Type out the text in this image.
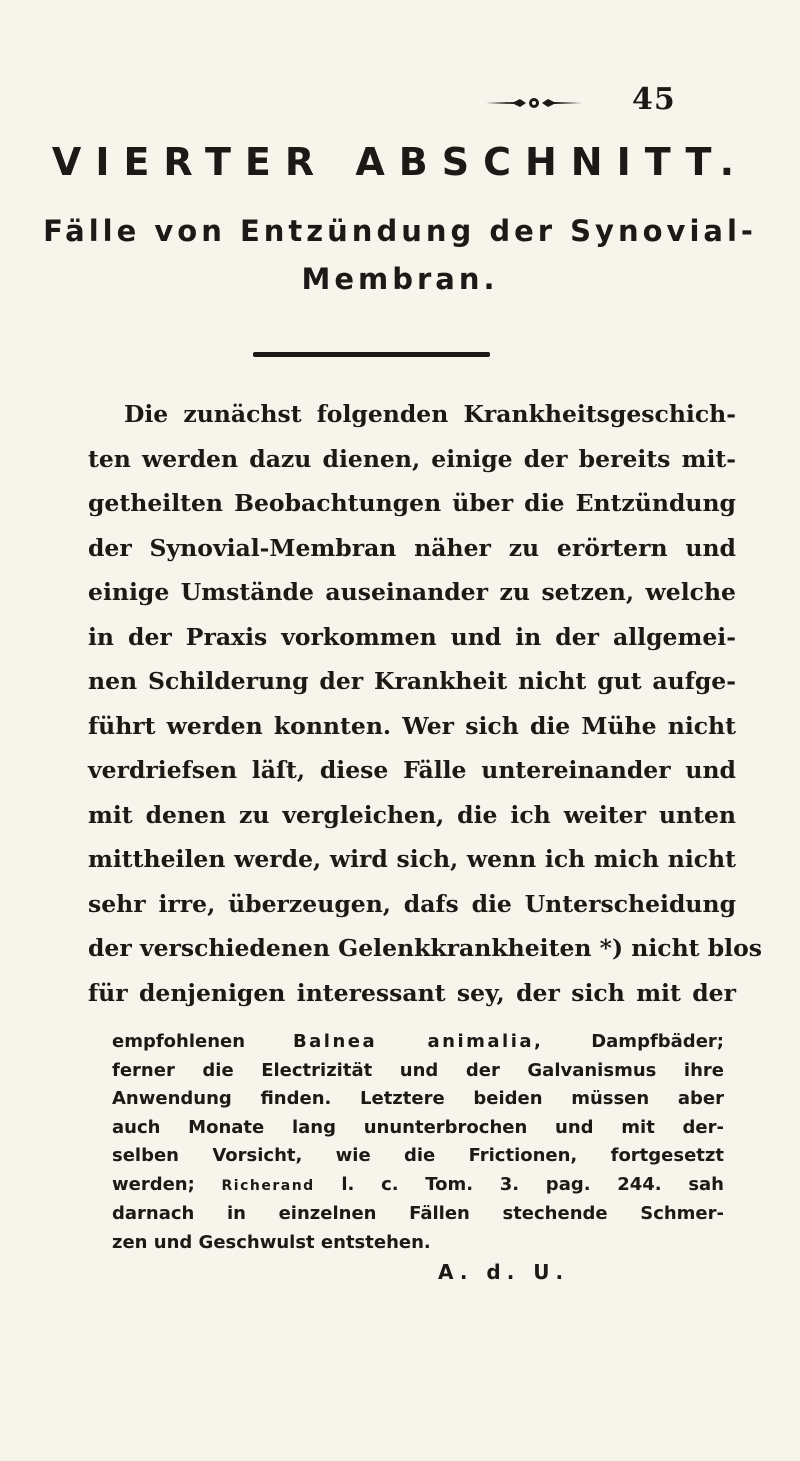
45
VIERTER ABSCHNITT.
Fälle von Entzündung der Synovial-
Membran.
Die zunächst folgenden Krankheitsgeschich-
ten werden dazu dienen, einige der bereits mit-
getheilten Beobachtungen über die Entzündung
der Synovial-Membran näher zu erörtern und
einige Umstände auseinander zu setzen, welche
in der Praxis vorkommen und in der allgemei-
nen Schilderung der Krankheit nicht gut aufge-
führt werden konnten. Wer sich die Mühe nicht
verdriefsen läſt, diese Fälle untereinander und
mit denen zu vergleichen, die ich weiter unten
mittheilen werde, wird sich, wenn ich mich nicht
sehr irre, überzeugen, dafs die Unterscheidung
der verschiedenen Gelenkkrankheiten *) nicht blos
für denjenigen interessant sey, der sich mit der
empfohlenen	Balnea animalia,	Dampfbäder;
ferner die Electrizität und der Galvanismus ihre
Anwendung finden. Letztere beiden müssen aber
auch Monate lang ununterbrochen und mit der-
selben Vorsicht, wie die Frictionen, fortgesetzt
werden; Richerand l. c. Tom. 3. pag. 244. sah
darnach in einzelnen Fällen stechende Schmer-
zen und Geschwulst entstehen.
A. d. U.
